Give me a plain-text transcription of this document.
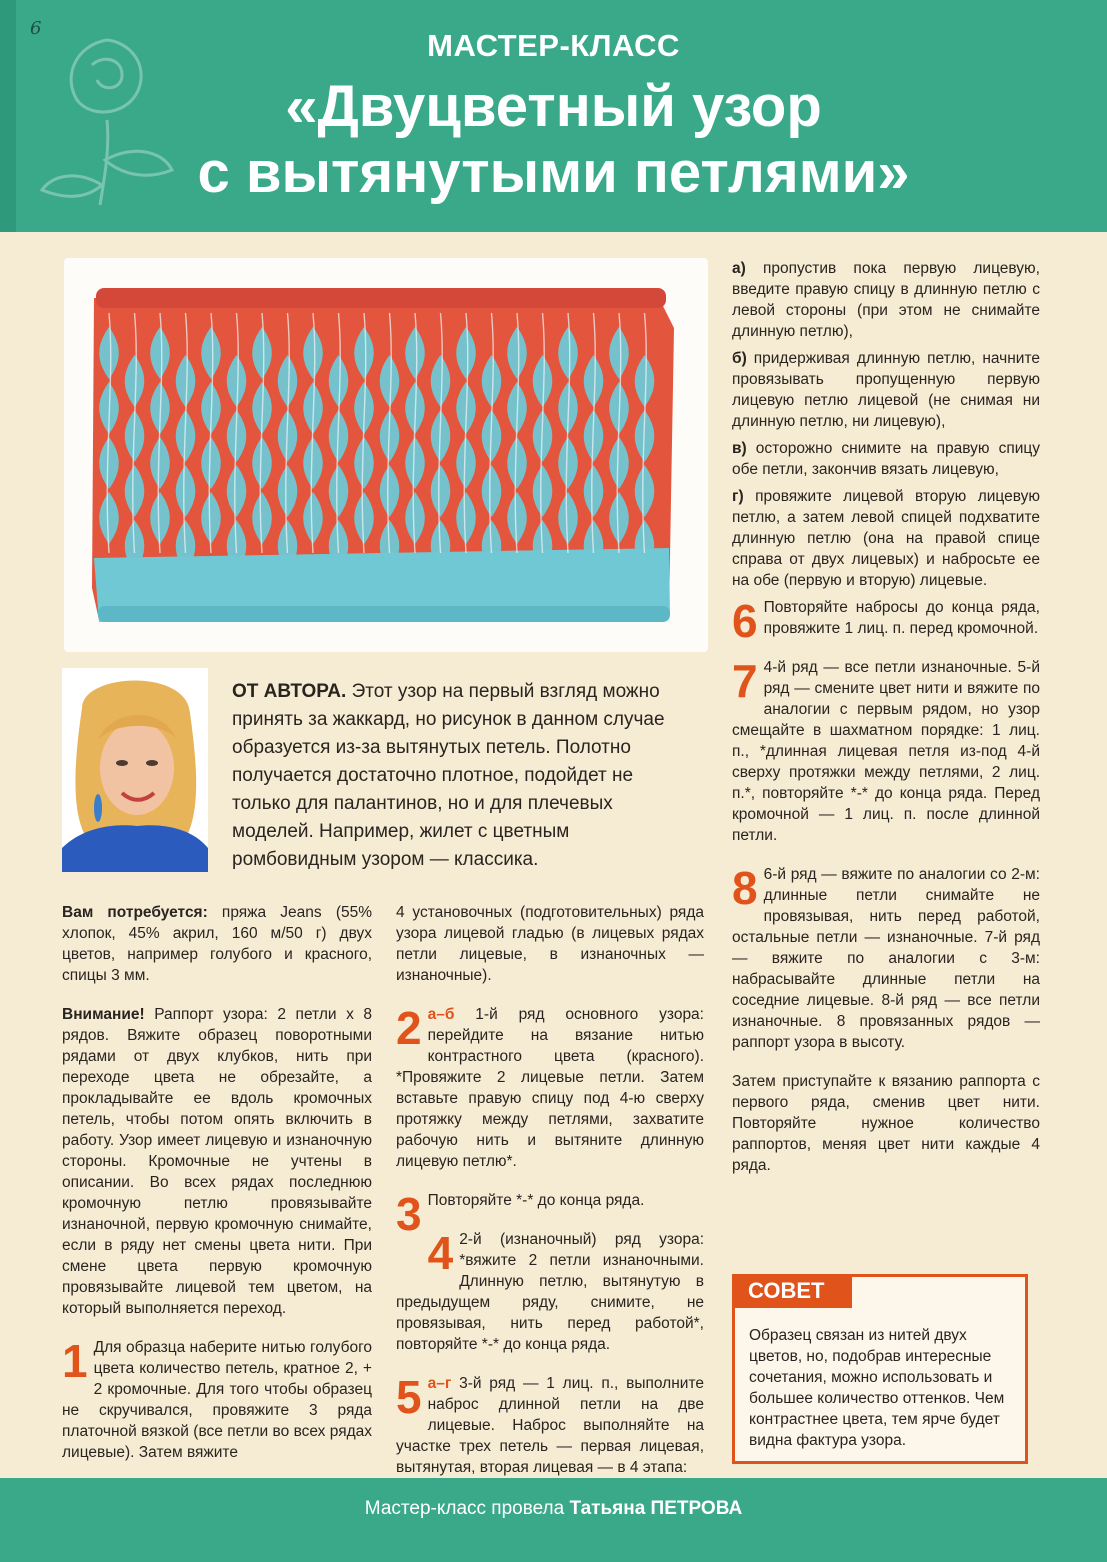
6	МАСТЕР-КЛАСС
«Двуцветный узор
с вытянутыми петлями»
ОТ АВТОРА. Этот узор на первый взгляд можно принять за жаккард, но рисунок в данном случае образуется из-за вытянутых петель. Полотно получается достаточно плотное, подойдет не только для палантинов, но и для плечевых моделей. Например, жилет с цветным ромбовидным узором — классика.

Вам потребуется: пряжа Jeans (55% хлопок, 45% акрил, 160 м/50 г) двух цветов, например голубого и красного, спицы 3 мм.

Внимание! Раппорт узора: 2 петли х 8 рядов. Вяжите образец поворотными рядами от двух клубков, нить при переходе цвета не обрезайте, а прокладывайте ее вдоль кромочных петель, чтобы потом опять включить в работу. Узор имеет лицевую и изнаночную стороны. Кромочные не учтены в описании. Во всех рядах последнюю кромочную петлю провязывайте изнаночной, первую кромочную снимайте, если в ряду нет смены цвета нити. При смене цвета первую кромочную провязывайте лицевой тем цветом, на который выполняется переход.

1 Для образца наберите нитью голубого цвета количество петель, кратное 2, + 2 кромочные. Для того чтобы образец не скручивался, провяжите 3 ряда платочной вязкой (все петли во всех рядах лицевые). Затем вяжите

4 установочных (подготовительных) ряда узора лицевой гладью (в лицевых рядах петли лицевые, в изнаночных — изнаночные).

2 а–б 1-й ряд основного узора: перейдите на вязание нитью контрастного цвета (красного). *Провяжите 2 лицевые петли. Затем вставьте правую спицу под 4-ю сверху протяжку между петлями, захватите рабочую нить и вытяните длинную лицевую петлю*.
3 Повторяйте *-* до конца ряда.
4 2-й (изнаночный) ряд узора: *вяжите 2 петли изнаночными. Длинную петлю, вытянутую в предыдущем ряду, снимите, не провязывая, нить перед работой*, повторяйте *-* до конца ряда.
5 а–г 3-й ряд — 1 лиц. п., выполните наброс длинной петли на две лицевые. Наброс выполняйте на участке трех петель — первая лицевая, вытянутая, вторая лицевая — в 4 этапа:

а) пропустив пока первую лицевую, введите правую спицу в длинную петлю с левой стороны (при этом не снимайте длинную петлю),

б) придерживая длинную петлю, начните провязывать пропущенную первую лицевую петлю лицевой (не снимая ни длинную петлю, ни лицевую),

в) осторожно снимите на правую спицу обе петли, закончив вязать лицевую,

г) провяжите лицевой вторую лицевую петлю, а затем левой спицей подхватите длинную петлю (она на правой спице справа от двух лицевых) и набросьте ее на обе (первую и вторую) лицевые.

6 Повторяйте набросы до конца ряда, провяжите 1 лиц. п. перед кромочной.
7 4-й ряд — все петли изнаночные. 5-й ряд — смените цвет нити и вяжите по аналогии с первым рядом, но узор смещайте в шахматном порядке: 1 лиц. п., *длинная лицевая петля из-под 4-й сверху протяжки между петлями, 2 лиц. п.*, повторяйте *-* до конца ряда. Перед кромочной — 1 лиц. п. после длинной петли.
8 6-й ряд — вяжите по аналогии со 2-м: длинные петли снимайте не провязывая, нить перед работой, остальные петли — изнаночные. 7-й ряд — вяжите по аналогии с 3-м: набрасывайте длинные петли на соседние лицевые. 8-й ряд — все петли изнаночные. 8 провязанных рядов — раппорт узора в высоту.

Затем приступайте к вязанию раппорта с первого ряда, сменив цвет нити. Повторяйте нужное количество раппортов, меняя цвет нити каждые 4 ряда.

СОВЕТ
Образец связан из нитей двух цветов, но, подобрав интересные сочетания, можно использовать и большее количество оттенков. Чем контрастнее цвета, тем ярче будет видна фактура узора.
Мастер-класс провела Татьяна ПЕТРОВА
